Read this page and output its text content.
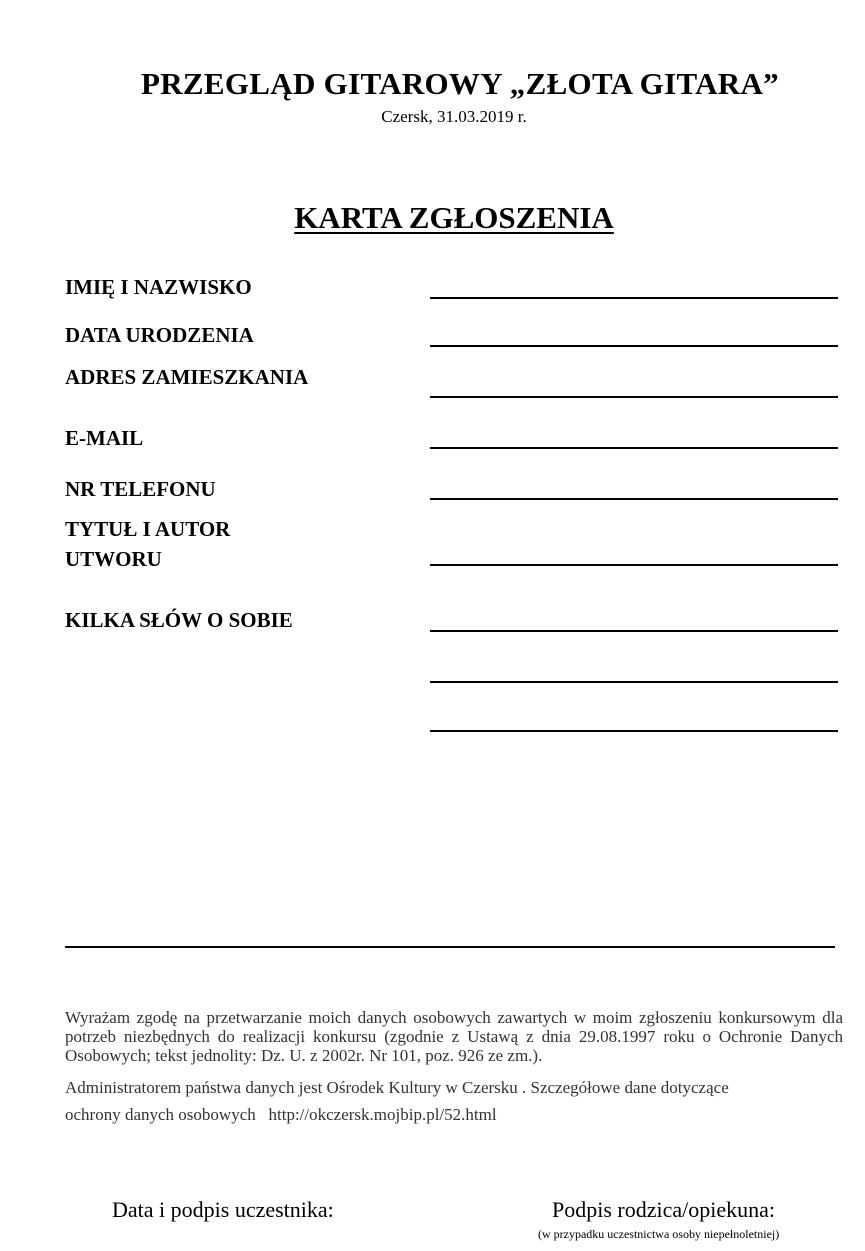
PRZEGLĄD GITAROWY „ZŁOTA GITARA”
Czersk, 31.03.2019 r.
KARTA ZGŁOSZENIA
IMIĘ I NAZWISKO
DATA URODZENIA
ADRES ZAMIESZKANIA
E-MAIL
NR TELEFONU
TYTUŁ I AUTOR
UTWORU
KILKA SŁÓW O SOBIE
Wyrażam zgodę na przetwarzanie moich danych osobowych zawartych w moim zgłoszeniu konkursowym dla potrzeb niezbędnych do realizacji konkursu (zgodnie z Ustawą z dnia 29.08.1997 roku o Ochronie Danych Osobowych; tekst jednolity: Dz. U. z 2002r. Nr 101, poz. 926 ze zm.).
Administratorem państwa danych jest Ośrodek Kultury w Czersku . Szczegółowe dane dotyczące
ochrony danych osobowych http://okczersk.mojbip.pl/52.html
Data i podpis uczestnika:	Podpis rodzica/opiekuna:
(w przypadku uczestnictwa osoby niepełnoletniej)
